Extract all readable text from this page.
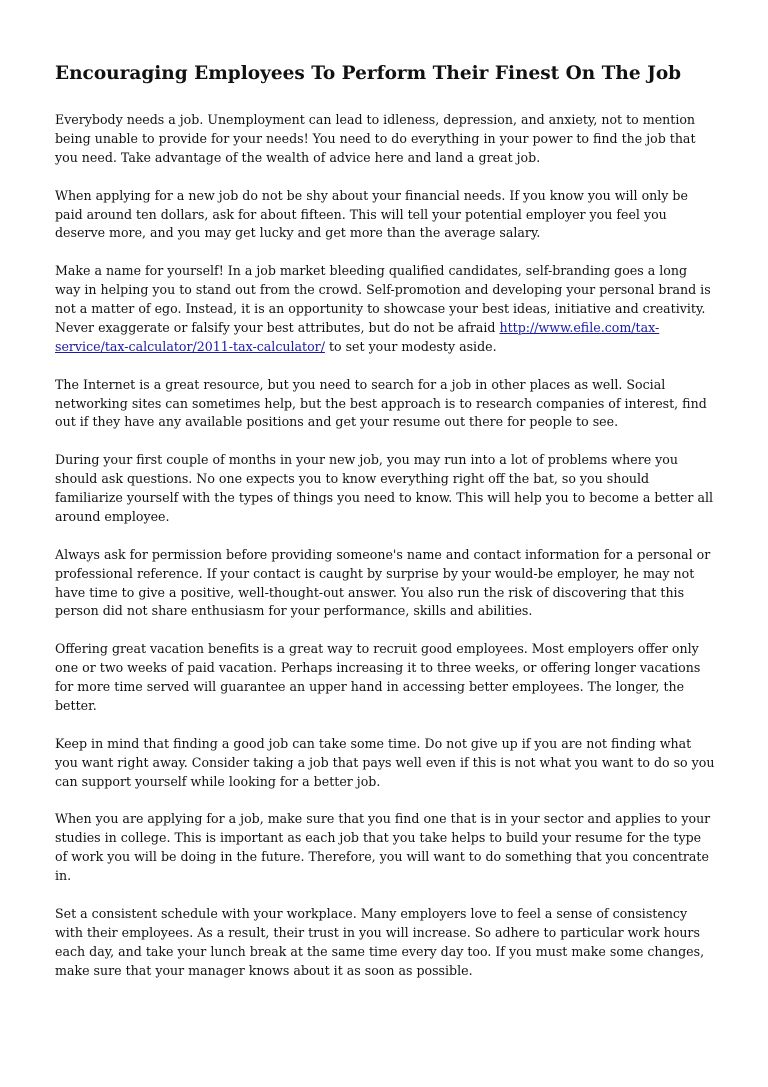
Encouraging Employees To Perform Their Finest On The Job

Everybody needs a job. Unemployment can lead to idleness, depression, and anxiety, not to mention being unable to provide for your needs! You need to do everything in your power to find the job that you need. Take advantage of the wealth of advice here and land a great job.

When applying for a new job do not be shy about your financial needs. If you know you will only be paid around ten dollars, ask for about fifteen. This will tell your potential employer you feel you deserve more, and you may get lucky and get more than the average salary.

Make a name for yourself! In a job market bleeding qualified candidates, self-branding goes a long way in helping you to stand out from the crowd. Self-promotion and developing your personal brand is not a matter of ego. Instead, it is an opportunity to showcase your best ideas, initiative and creativity. Never exaggerate or falsify your best attributes, but do not be afraid http://www.efile.com/tax-service/tax-calculator/2011-tax-calculator/ to set your modesty aside.

The Internet is a great resource, but you need to search for a job in other places as well. Social networking sites can sometimes help, but the best approach is to research companies of interest, find out if they have any available positions and get your resume out there for people to see.

During your first couple of months in your new job, you may run into a lot of problems where you should ask questions. No one expects you to know everything right off the bat, so you should familiarize yourself with the types of things you need to know. This will help you to become a better all around employee.

Always ask for permission before providing someone's name and contact information for a personal or professional reference. If your contact is caught by surprise by your would-be employer, he may not have time to give a positive, well-thought-out answer. You also run the risk of discovering that this person did not share enthusiasm for your performance, skills and abilities.

Offering great vacation benefits is a great way to recruit good employees. Most employers offer only one or two weeks of paid vacation. Perhaps increasing it to three weeks, or offering longer vacations for more time served will guarantee an upper hand in accessing better employees. The longer, the better.

Keep in mind that finding a good job can take some time. Do not give up if you are not finding what you want right away. Consider taking a job that pays well even if this is not what you want to do so you can support yourself while looking for a better job.

When you are applying for a job, make sure that you find one that is in your sector and applies to your studies in college. This is important as each job that you take helps to build your resume for the type of work you will be doing in the future. Therefore, you will want to do something that you concentrate in.

Set a consistent schedule with your workplace. Many employers love to feel a sense of consistency with their employees. As a result, their trust in you will increase. So adhere to particular work hours each day, and take your lunch break at the same time every day too. If you must make some changes, make sure that your manager knows about it as soon as possible.
